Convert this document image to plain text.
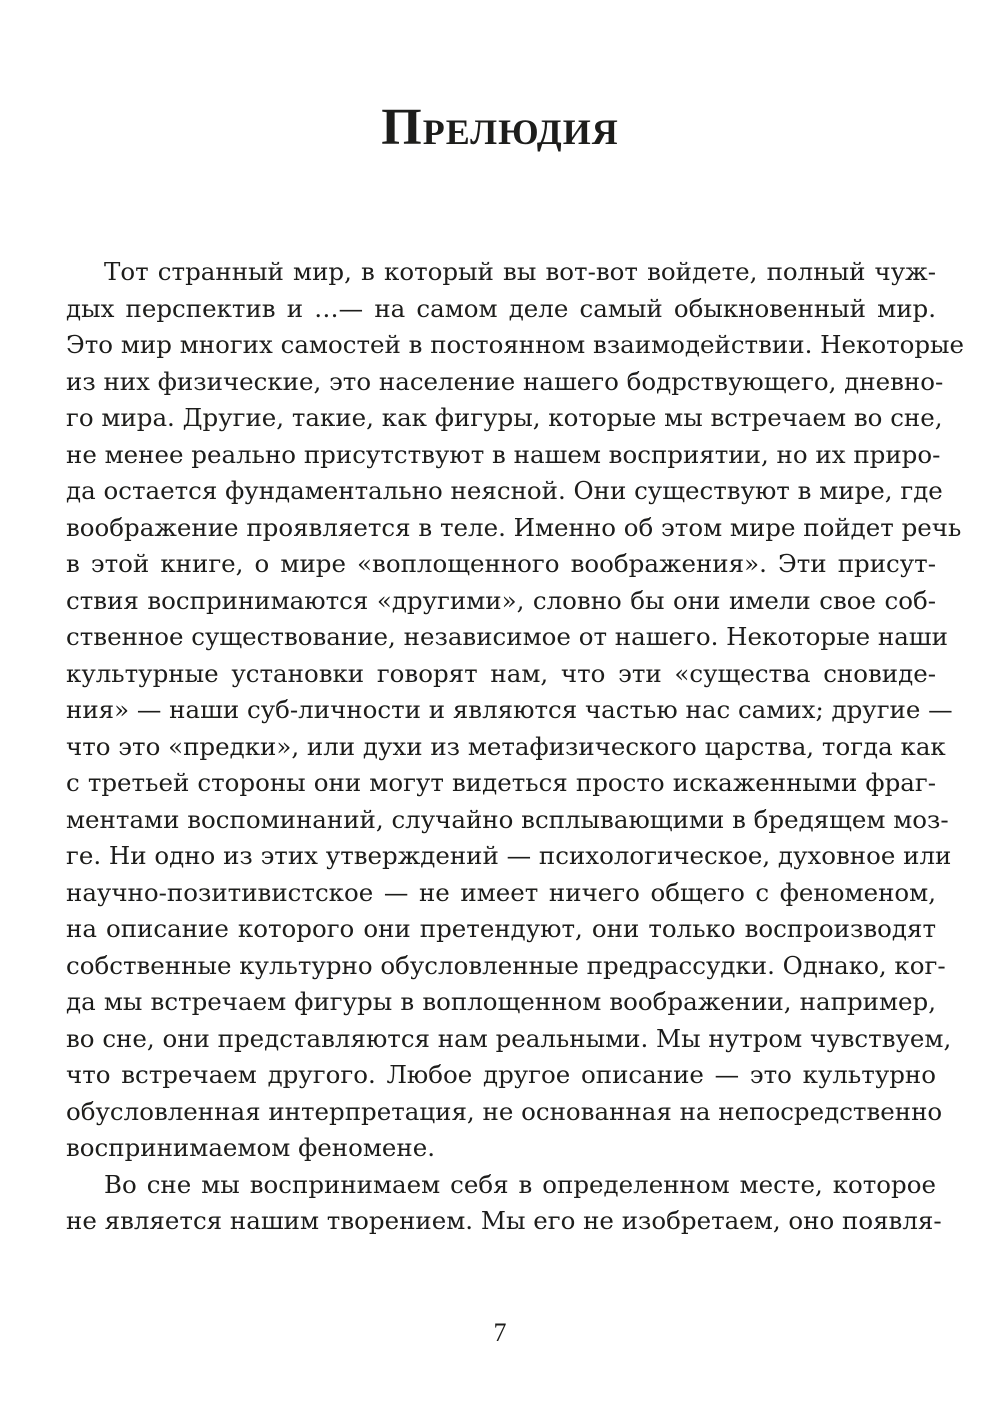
Прелюдия
Тот странный мир, в который вы вот-вот войдете, полный чуж-
дых перспектив и …— на самом деле самый обыкновенный мир.
Это мир многих самостей в постоянном взаимодействии. Некоторые
из них физические, это население нашего бодрствующего, дневно-
го мира. Другие, такие, как фигуры, которые мы встречаем во сне,
не менее реально присутствуют в нашем восприятии, но их приро-
да остается фундаментально неясной. Они существуют в мире, где
воображение проявляется в теле. Именно об этом мире пойдет речь
в этой книге, о мире «воплощенного воображения». Эти присут-
ствия воспринимаются «другими», словно бы они имели свое соб-
ственное существование, независимое от нашего. Некоторые наши
культурные установки говорят нам, что эти «существа сновиде-
ния» — наши суб-личности и являются частью нас самих; другие —
что это «предки», или духи из метафизического царства, тогда как
с третьей стороны они могут видеться просто искаженными фраг-
ментами воспоминаний, случайно всплывающими в бредящем моз-
ге. Ни одно из этих утверждений — психологическое, духовное или
научно-позитивистское — не имеет ничего общего с феноменом,
на описание которого они претендуют, они только воспроизводят
собственные культурно обусловленные предрассудки. Однако, ког-
да мы встречаем фигуры в воплощенном воображении, например,
во сне, они представляются нам реальными. Мы нутром чувствуем,
что встречаем другого. Любое другое описание — это культурно
обусловленная интерпретация, не основанная на непосредственно
воспринимаемом феномене.
Во сне мы воспринимаем себя в определенном месте, которое
не является нашим творением. Мы его не изобретаем, оно появля-
7
